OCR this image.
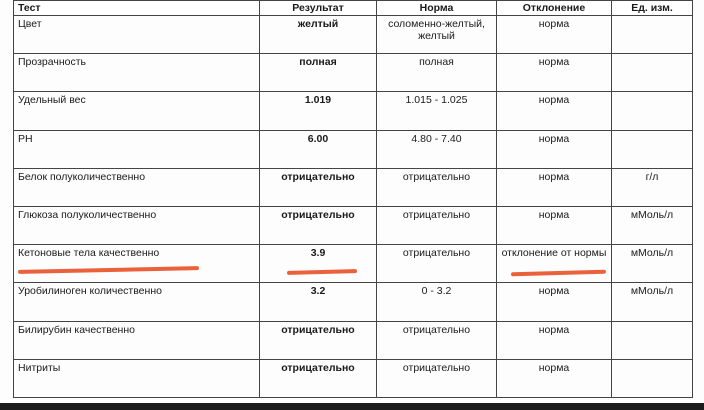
Тест	Результат	Норма	Отклонение	Ед. изм.
Цвет	желтый	соломенно-желтый, желтый	норма	
Прозрачность	полная	полная	норма	
Удельный вес	1.019	1.015 - 1.025	норма	
PH	6.00	4.80 - 7.40	норма	
Белок полуколичественно	отрицательно	отрицательно	норма	г/л
Глюкоза полуколичественно	отрицательно	отрицательно	норма	мМоль/л
Кетоновые тела качественно	3.9	отрицательно	отклонение от нормы	мМоль/л
Уробилиноген количественно	3.2	0 - 3.2	норма	мМоль/л
Билирубин качественно	отрицательно	отрицательно	норма	
Нитриты	отрицательно	отрицательно	норма	
